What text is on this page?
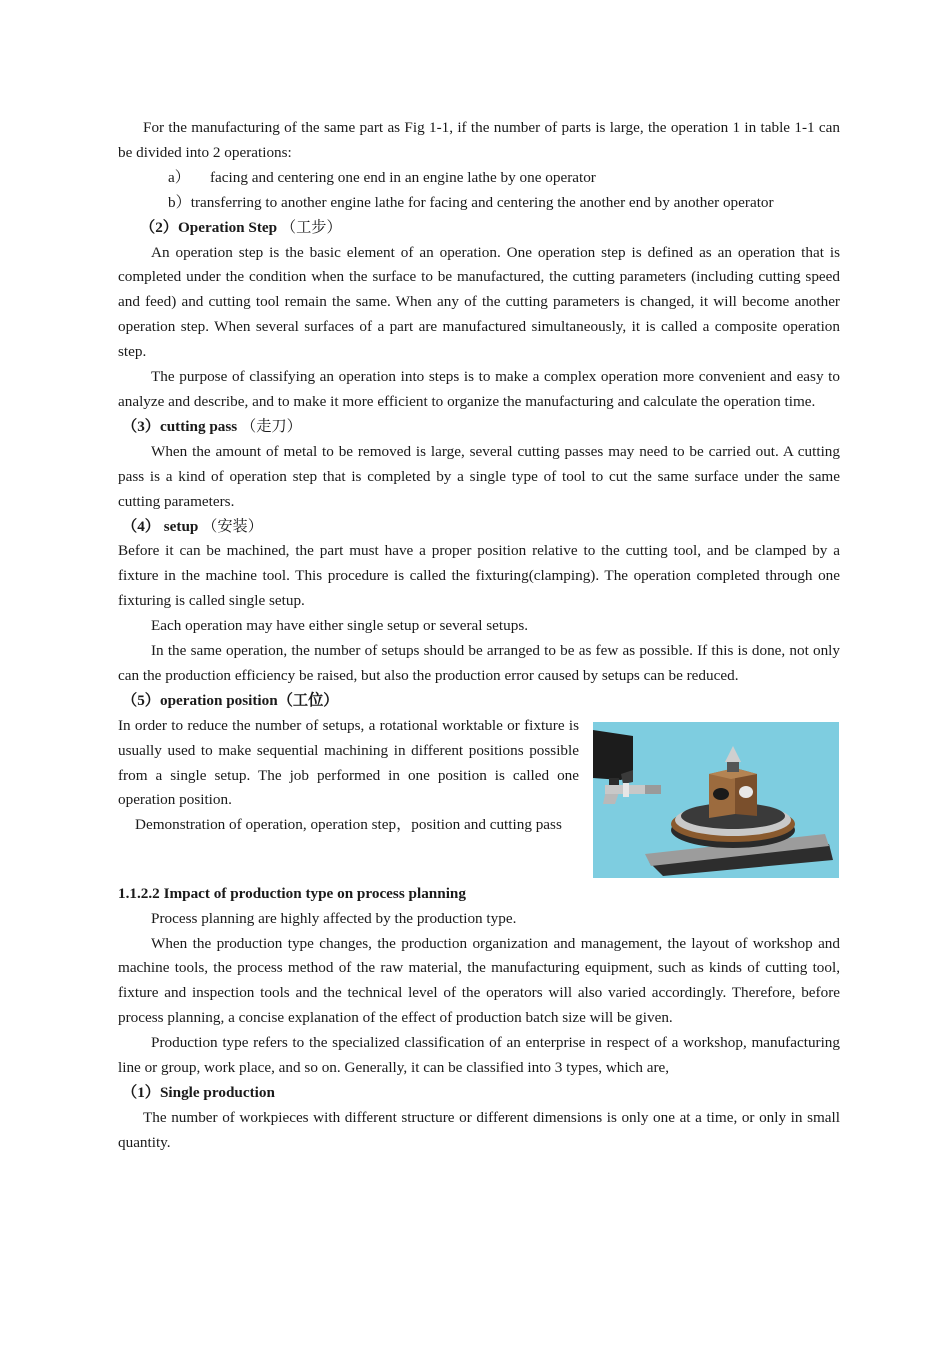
For the manufacturing of the same part as Fig 1-1, if the number of parts is large, the operation 1 in table 1-1 can be divided into 2 operations:

a） facing and centering one end in an engine lathe by one operator

b）transferring to another engine lathe for facing and centering the another end by another operator

（2）Operation Step （工步）

An operation step is the basic element of an operation. One operation step is defined as an operation that is completed under the condition when the surface to be manufactured, the cutting parameters (including cutting speed and feed) and cutting tool remain the same. When any of the cutting parameters is changed, it will become another operation step. When several surfaces of a part are manufactured simultaneously, it is called a composite operation step.

The purpose of classifying an operation into steps is to make a complex operation more convenient and easy to analyze and describe, and to make it more efficient to organize the manufacturing and calculate the operation time.

（3）cutting pass （走刀）

When the amount of metal to be removed is large, several cutting passes may need to be carried out. A cutting pass is a kind of operation step that is completed by a single type of tool to cut the same surface under the same cutting parameters.

（4） setup （安装）

Before it can be machined, the part must have a proper position relative to the cutting tool, and be clamped by a fixture in the machine tool. This procedure is called the fixturing(clamping). The operation completed through one fixturing is called single setup.

Each operation may have either single setup or several setups.

In the same operation, the number of setups should be arranged to be as few as possible. If this is done, not only can the production efficiency be raised, but also the production error caused by setups can be reduced.

（5）operation position（工位）

In order to reduce the number of setups, a rotational worktable or fixture is usually used to make sequential machining in different positions possible from a single setup. The job performed in one position is called one operation position.

Demonstration of operation, operation step，position and cutting pass

1.1.2.2 Impact of production type on process planning

Process planning are highly affected by the production type.

When the production type changes, the production organization and management, the layout of workshop and machine tools, the process method of the raw material, the manufacturing equipment, such as kinds of cutting tool, fixture and inspection tools and the technical level of the operators will also varied accordingly. Therefore, before process planning, a concise explanation of the effect of production batch size will be given.

Production type refers to the specialized classification of an enterprise in respect of a workshop, manufacturing line or group, work place, and so on. Generally, it can be classified into 3 types, which are,

（1）Single production

The number of workpieces with different structure or different dimensions is only one at a time, or only in small quantity.
